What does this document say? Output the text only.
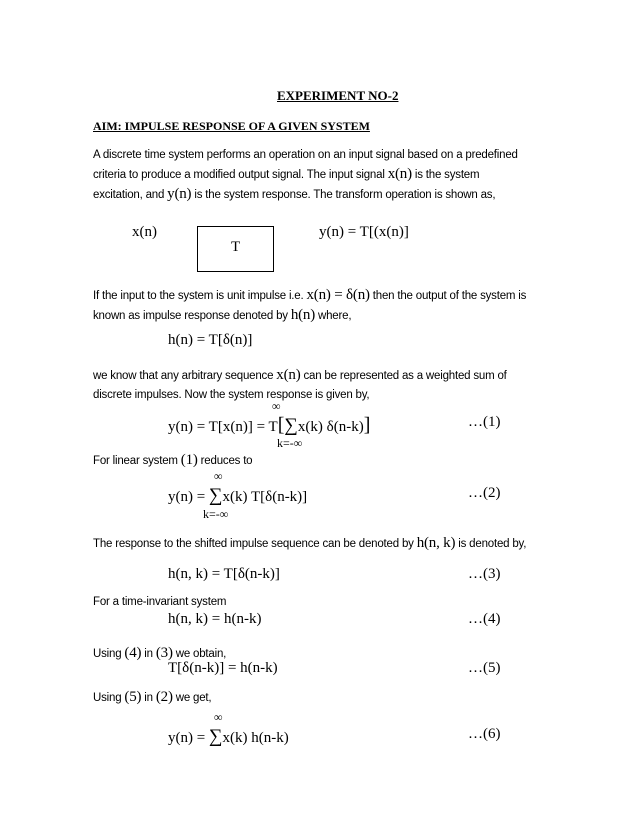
EXPERIMENT NO-2
AIM: IMPULSE RESPONSE OF A GIVEN SYSTEM
A discrete time system performs an operation on an input signal based on a predefined
criteria to produce a modified output signal. The input signal x(n) is the system
excitation, and y(n) is the system response. The transform operation is shown as,
x(n)
T
y(n) = T[(x(n)]
If the input to the system is unit impulse i.e. x(n) = δ(n) then the output of the system is
known as impulse response denoted by h(n) where,
h(n) = T[δ(n)]
we know that any arbitrary sequence x(n) can be represented as a weighted sum of
discrete impulses. Now the system response is given by,
∞
y(n) = T[x(n)] = T[∑x(k) δ(n-k)]
k=-∞
…(1)
For linear system (1) reduces to
∞
y(n) = ∑x(k) T[δ(n-k)]
k=-∞
…(2)
The response to the shifted impulse sequence can be denoted by h(n, k) is denoted by,
h(n, k) = T[δ(n-k)]	…(3)
For a time-invariant system
h(n, k) = h(n-k)	…(4)
Using (4) in (3) we obtain,
T[δ(n-k)] = h(n-k)	…(5)
Using (5) in (2) we get,
∞
y(n) = ∑x(k) h(n-k)	…(6)
